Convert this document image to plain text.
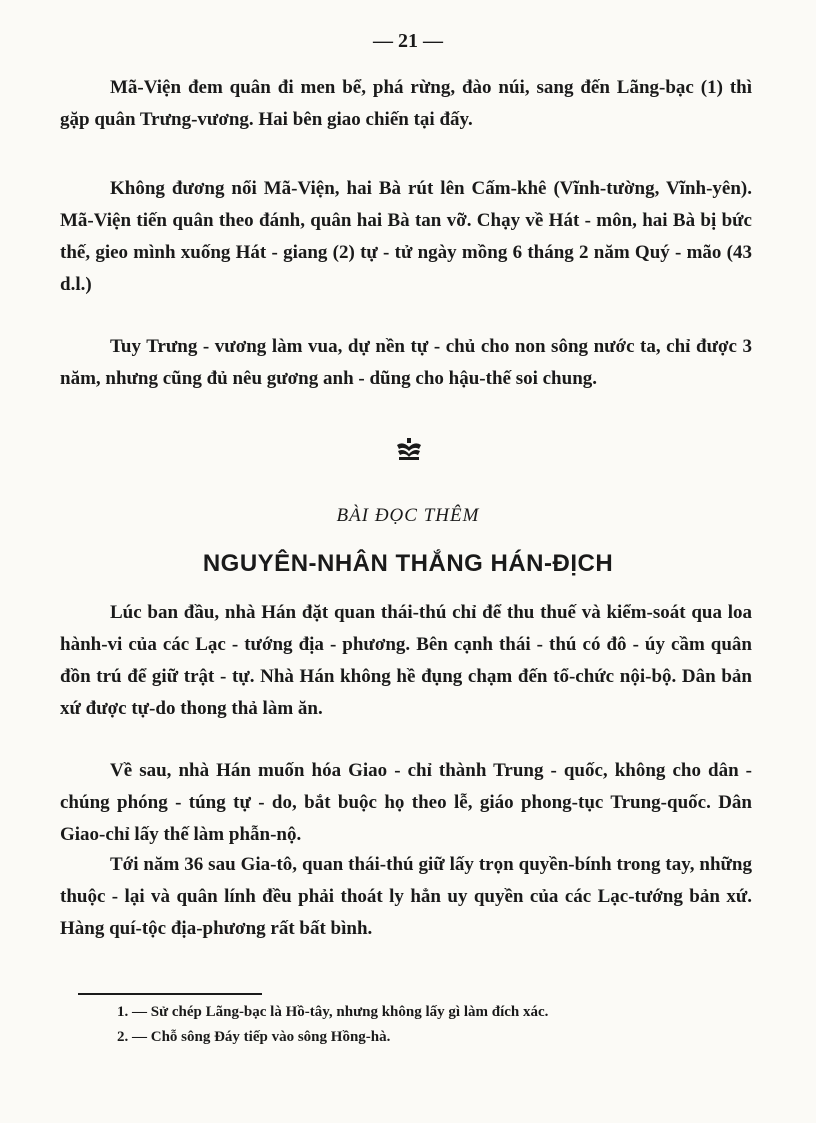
— 21 —

Mã-Viện đem quân đi men bể, phá rừng, đào núi, sang đến Lãng-bạc (1) thì gặp quân Trưng-vương. Hai bên giao chiến tại đấy.

Không đương nổi Mã-Viện, hai Bà rút lên Cấm-khê (Vĩnh-tường, Vĩnh-yên). Mã-Viện tiến quân theo đánh, quân hai Bà tan vỡ. Chạy về Hát - môn, hai Bà bị bức thế, gieo mình xuống Hát - giang (2) tự - tử ngày mồng 6 tháng 2 năm Quý - mão (43 d.l.)

Tuy Trưng - vương làm vua, dự nền tự - chủ cho non sông nước ta, chỉ được 3 năm, nhưng cũng đủ nêu gương anh - dũng cho hậu-thế soi chung.

BÀI ĐỌC THÊM
NGUYÊN-NHÂN THẮNG HÁN-ĐỊCH

Lúc ban đầu, nhà Hán đặt quan thái-thú chỉ để thu thuế và kiểm-soát qua loa hành-vi của các Lạc - tướng địa - phương. Bên cạnh thái - thú có đô - úy cầm quân đồn trú để giữ trật - tự. Nhà Hán không hề đụng chạm đến tổ-chức nội-bộ. Dân bản xứ được tự-do thong thả làm ăn.

Về sau, nhà Hán muốn hóa Giao - chỉ thành Trung - quốc, không cho dân - chúng phóng - túng tự - do, bắt buộc họ theo lễ, giáo phong-tục Trung-quốc. Dân Giao-chỉ lấy thế làm phẫn-nộ.

Tới năm 36 sau Gia-tô, quan thái-thú giữ lấy trọn quyền-bính trong tay, những thuộc - lại và quân lính đều phải thoát ly hẳn uy quyền của các Lạc-tướng bản xứ. Hàng quí-tộc địa-phương rất bất bình.

1. — Sử chép Lãng-bạc là Hồ-tây, nhưng không lấy gì làm đích xác.
2. — Chỗ sông Đáy tiếp vào sông Hồng-hà.
